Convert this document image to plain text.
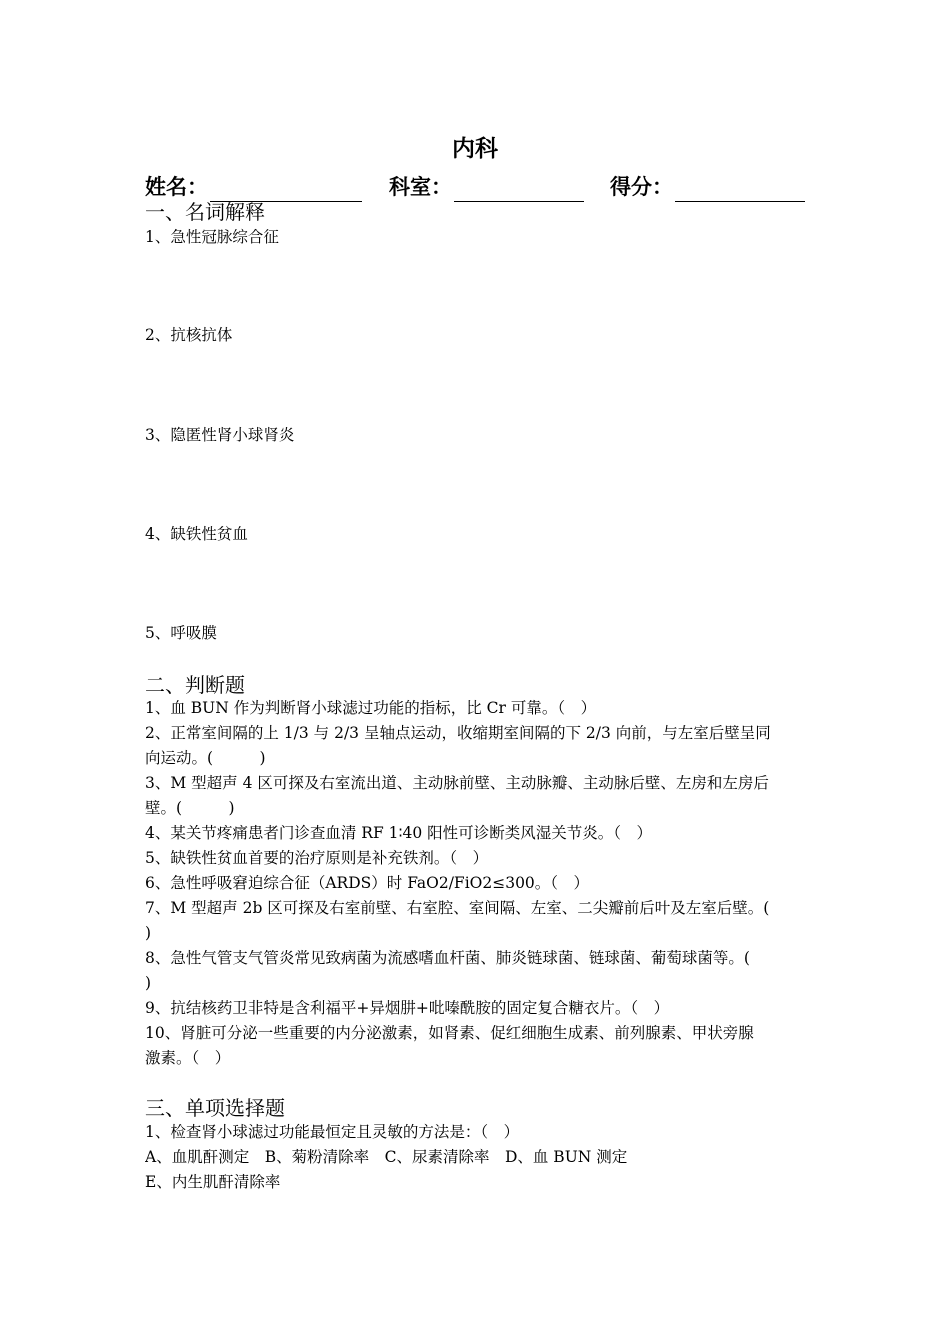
内科
姓名：	科室：	得分：
一、名词解释
1、急性冠脉综合征
2、抗核抗体
3、隐匿性肾小球肾炎
4、缺铁性贫血
5、呼吸膜
二、判断题
1、血 BUN 作为判断肾小球滤过功能的指标，比 Cr 可靠。（　）
2、正常室间隔的上 1/3 与 2/3 呈轴点运动，收缩期室间隔的下 2/3 向前，与左室后壁呈同
向运动。(　　　)
3、M 型超声 4 区可探及右室流出道、主动脉前壁、主动脉瓣、主动脉后壁、左房和左房后
壁。(　　　)
4、某关节疼痛患者门诊查血清 RF 1∶40 阳性可诊断类风湿关节炎。（　）
5、缺铁性贫血首要的治疗原则是补充铁剂。（　）
6、急性呼吸窘迫综合征（ARDS）时 FaO2/FiO2≤300。（　）
7、M 型超声 2b 区可探及右室前壁、右室腔、室间隔、左室、二尖瓣前后叶及左室后壁。(
)
8、急性气管支气管炎常见致病菌为流感嗜血杆菌、肺炎链球菌、链球菌、葡萄球菌等。(
)
9、抗结核药卫非特是含利福平+异烟肼+吡嗪酰胺的固定复合糖衣片。（　）
10、肾脏可分泌一些重要的内分泌激素，如肾素、促红细胞生成素、前列腺素、甲状旁腺
激素。（　）
三、单项选择题
1、检查肾小球滤过功能最恒定且灵敏的方法是：（　）
A、血肌酐测定　B、菊粉清除率　C、尿素清除率　D、血 BUN 测定
E、内生肌酐清除率
